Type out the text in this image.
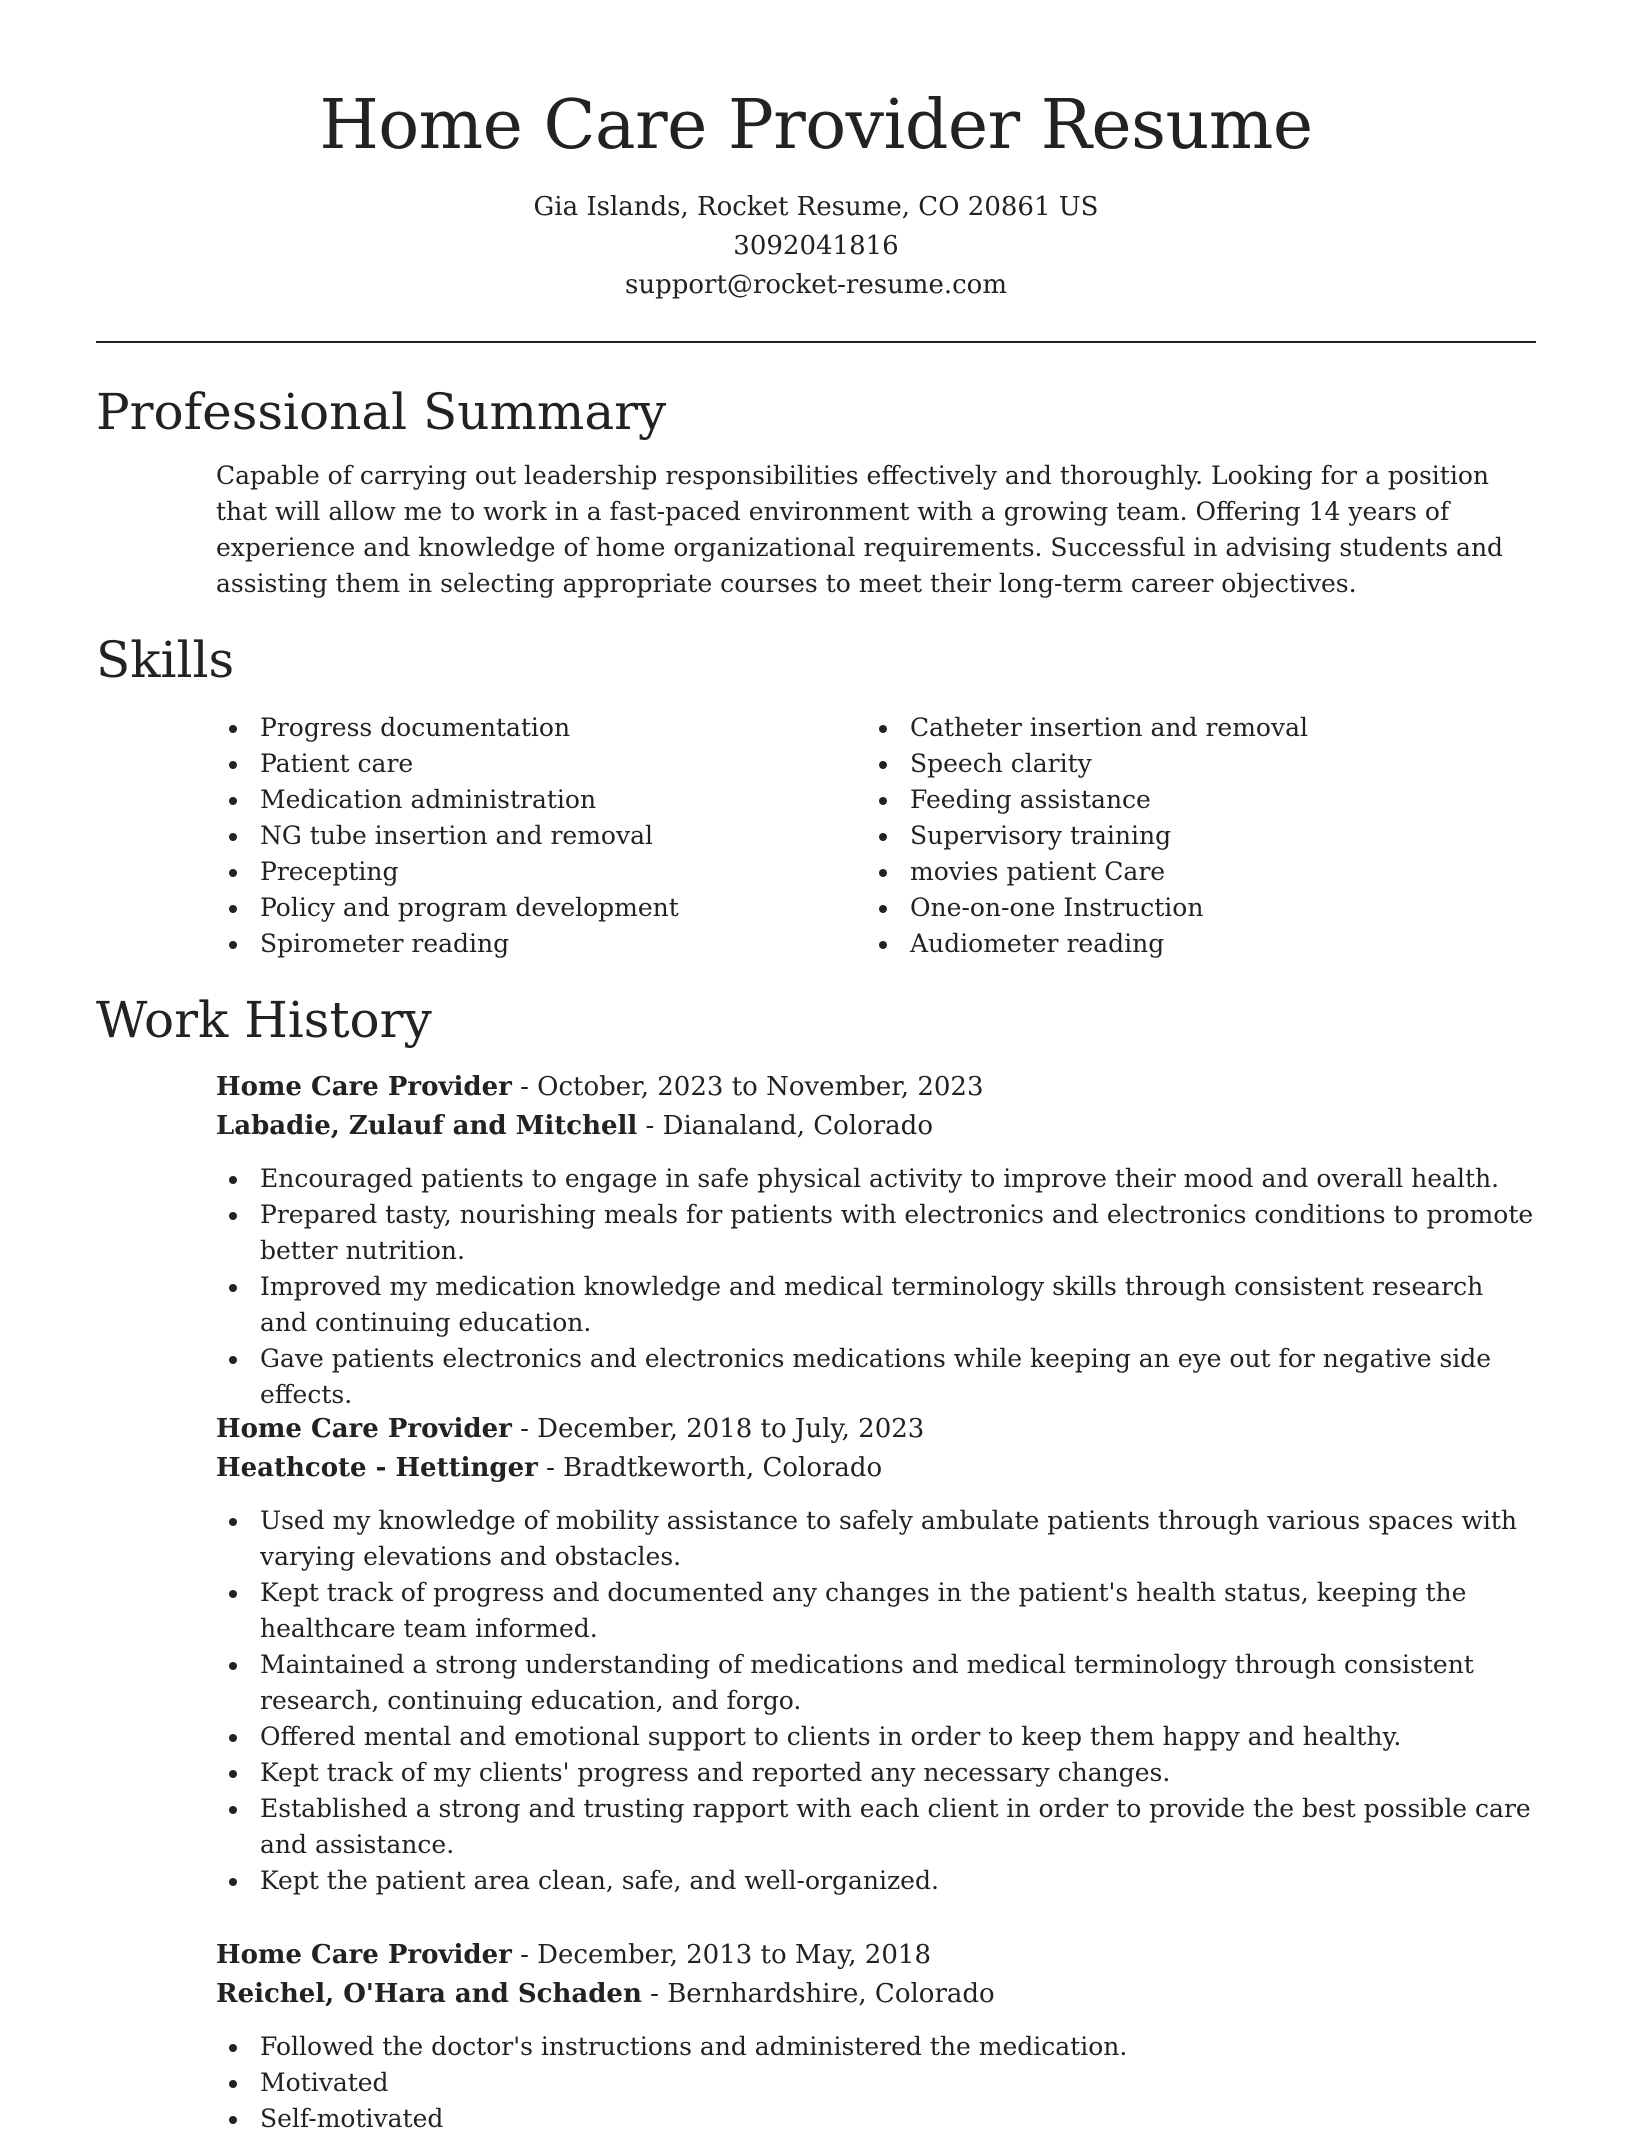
Home Care Provider Resume
Gia Islands, Rocket Resume, CO 20861 US
3092041816
support@rocket-resume.com
Professional Summary

Capable of carrying out leadership responsibilities effectively and thoroughly. Looking for a position that will allow me to work in a fast-paced environment with a growing team. Offering 14 years of experience and knowledge of home organizational requirements. Successful in advising students and assisting them in selecting appropriate courses to meet their long-term career objectives.

Skills
Progress documentation
Patient care
Medication administration
NG tube insertion and removal
Precepting
Policy and program development
Spirometer reading
Catheter insertion and removal
Speech clarity
Feeding assistance
Supervisory training
movies patient Care
One-on-one Instruction
Audiometer reading
Work History
Home Care Provider - October, 2023 to November, 2023
Labadie, Zulauf and Mitchell - Dianaland, Colorado
Encouraged patients to engage in safe physical activity to improve their mood and overall health.
Prepared tasty, nourishing meals for patients with electronics and electronics conditions to promote better nutrition.
Improved my medication knowledge and medical terminology skills through consistent research and continuing education.
Gave patients electronics and electronics medications while keeping an eye out for negative side effects.
Home Care Provider - December, 2018 to July, 2023
Heathcote - Hettinger - Bradtkeworth, Colorado
Used my knowledge of mobility assistance to safely ambulate patients through various spaces with varying elevations and obstacles.
Kept track of progress and documented any changes in the patient's health status, keeping the healthcare team informed.
Maintained a strong understanding of medications and medical terminology through consistent research, continuing education, and forgo.
Offered mental and emotional support to clients in order to keep them happy and healthy.
Kept track of my clients' progress and reported any necessary changes.
Established a strong and trusting rapport with each client in order to provide the best possible care and assistance.
Kept the patient area clean, safe, and well-organized.
Home Care Provider - December, 2013 to May, 2018
Reichel, O'Hara and Schaden - Bernhardshire, Colorado
Followed the doctor's instructions and administered the medication.
Motivated
Self-motivated
